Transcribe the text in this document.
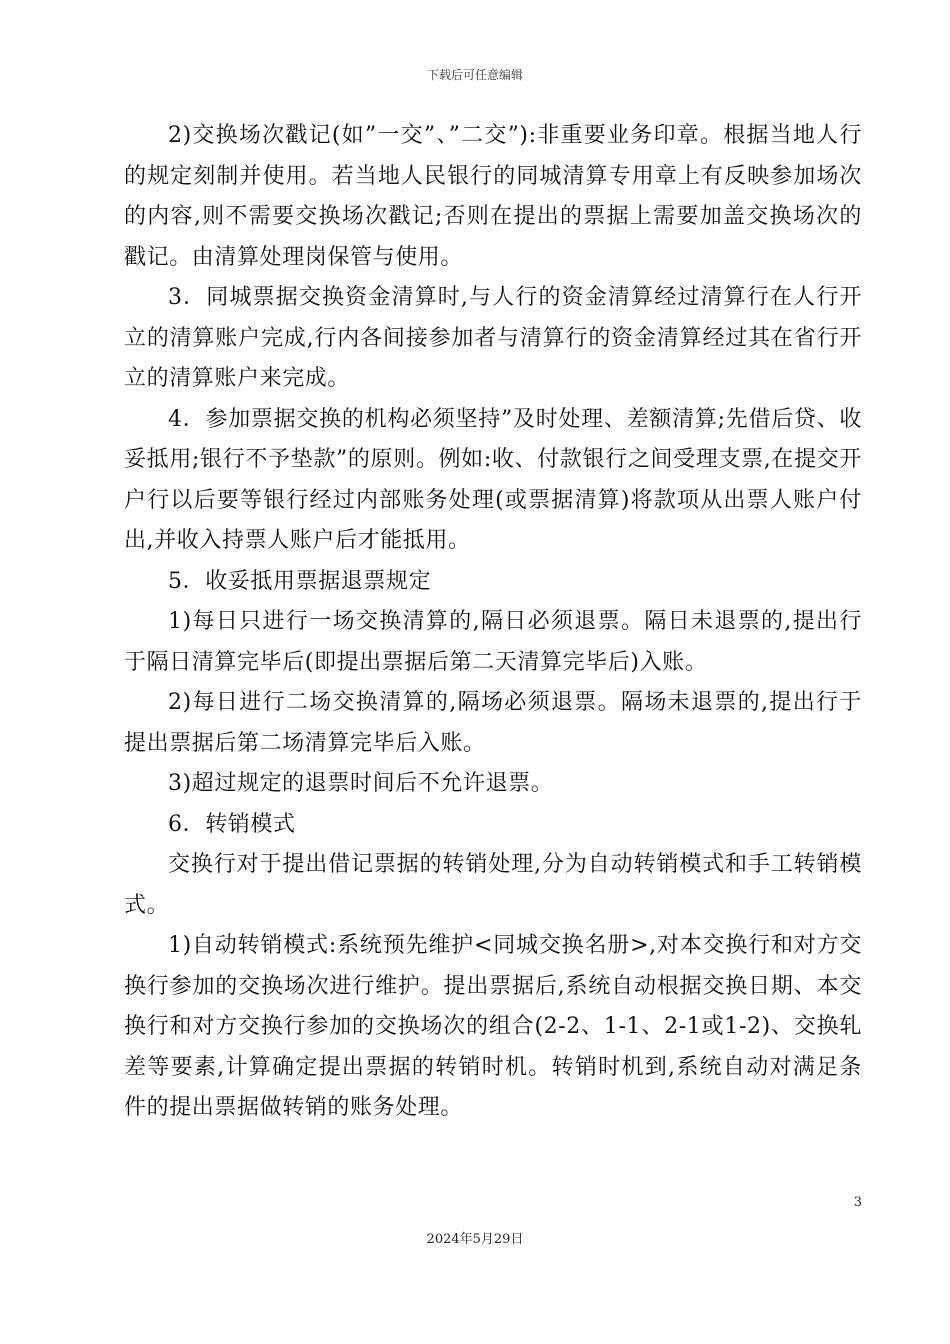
下载后可任意编辑

2)交换场次戳记(如”一交”、”二交”):非重要业务印章。根据当地人行的规定刻制并使用。若当地人民银行的同城清算专用章上有反映参加场次的内容,则不需要交换场次戳记;否则在提出的票据上需要加盖交换场次的戳记。由清算处理岗保管与使用。

3．同城票据交换资金清算时,与人行的资金清算经过清算行在人行开立的清算账户完成,行内各间接参加者与清算行的资金清算经过其在省行开立的清算账户来完成。

4．参加票据交换的机构必须坚持”及时处理、差额清算;先借后贷、收妥抵用;银行不予垫款”的原则。例如:收、付款银行之间受理支票,在提交开户行以后要等银行经过内部账务处理(或票据清算)将款项从出票人账户付出,并收入持票人账户后才能抵用。

5．收妥抵用票据退票规定

1)每日只进行一场交换清算的,隔日必须退票。隔日未退票的,提出行于隔日清算完毕后(即提出票据后第二天清算完毕后)入账。

2)每日进行二场交换清算的,隔场必须退票。隔场未退票的,提出行于提出票据后第二场清算完毕后入账。

3)超过规定的退票时间后不允许退票。

6．转销模式

交换行对于提出借记票据的转销处理,分为自动转销模式和手工转销模式。

1)自动转销模式:系统预先维护<同城交换名册>,对本交换行和对方交换行参加的交换场次进行维护。提出票据后,系统自动根据交换日期、本交换行和对方交换行参加的交换场次的组合(2-2、1-1、2-1或1-2)、交换轧差等要素,计算确定提出票据的转销时机。转销时机到,系统自动对满足条件的提出票据做转销的账务处理。

3
2024年5月29日
